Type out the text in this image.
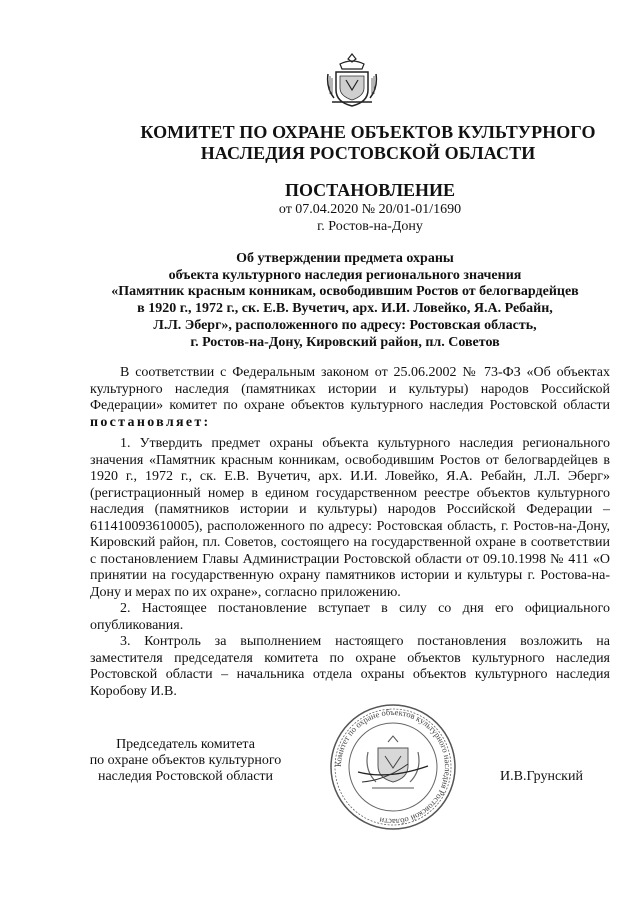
КОМИТЕТ ПО ОХРАНЕ ОБЪЕКТОВ КУЛЬТУРНОГО
НАСЛЕДИЯ РОСТОВСКОЙ ОБЛАСТИ
ПОСТАНОВЛЕНИЕ
от 07.04.2020 № 20/01-01/1690
г. Ростов-на-Дону
Об утверждении предмета охраны
объекта культурного наследия регионального значения
«Памятник красным конникам, освободившим Ростов от белогвардейцев
в 1920 г., 1972 г., ск. Е.В. Вучетич, арх. И.И. Ловейко, Я.А. Ребайн,
Л.Л. Эберг», расположенного по адресу: Ростовская область,
г. Ростов-на-Дону, Кировский район, пл. Советов

В соответствии с Федеральным законом от 25.06.2002 № 73-ФЗ «Об объектах культурного наследия (памятниках истории и культуры) народов Российской Федерации» комитет по охране объектов культурного наследия Ростовской области постановляет:

1. Утвердить предмет охраны объекта культурного наследия регионального значения «Памятник красным конникам, освободившим Ростов от белогвардейцев в 1920 г., 1972 г., ск. Е.В. Вучетич, арх. И.И. Ловейко, Я.А. Ребайн, Л.Л. Эберг» (регистрационный номер в едином государственном реестре объектов культурного наследия (памятников истории и культуры) народов Российской Федерации – 611410093610005), расположенного по адресу: Ростовская область, г. Ростов-на-Дону, Кировский район, пл. Советов, состоящего на государственной охране в соответствии с постановлением Главы Администрации Ростовской области от 09.10.1998 № 411 «О принятии на государственную охрану памятников истории и культуры г. Ростова-на-Дону и мерах по их охране», согласно приложению.

2. Настоящее постановление вступает в силу со дня его официального опубликования.

3. Контроль за выполнением настоящего постановления возложить на заместителя председателя комитета по охране объектов культурного наследия Ростовской области – начальника отдела охраны объектов культурного наследия Коробову И.В.

Председатель комитета
по охране объектов культурного
наследия Ростовской области	И.В.Грунский
Комитет по охране объектов культурного наследия Ростовской области
